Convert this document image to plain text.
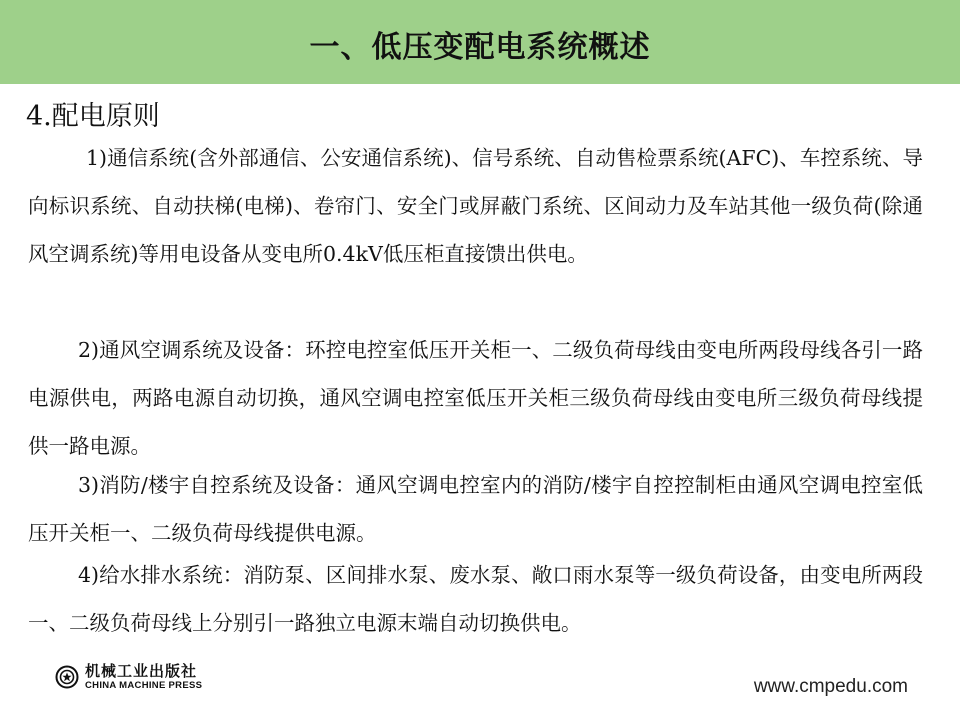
一、低压变配电系统概述
4.配电原则
1)通信系统(含外部通信、公安通信系统)、信号系统、自动售检票系统(AFC)、车控系统、导向标识系统、自动扶梯(电梯)、卷帘门、安全门或屏蔽门系统、区间动力及车站其他一级负荷(除通风空调系统)等用电设备从变电所0.4kV低压柜直接馈出供电。
2)通风空调系统及设备：环控电控室低压开关柜一、二级负荷母线由变电所两段母线各引一路电源供电，两路电源自动切换，通风空调电控室低压开关柜三级负荷母线由变电所三级负荷母线提供一路电源。
3)消防/楼宇自控系统及设备：通风空调电控室内的消防/楼宇自控控制柜由通风空调电控室低压开关柜一、二级负荷母线提供电源。
4)给水排水系统：消防泵、区间排水泵、废水泵、敞口雨水泵等一级负荷设备，由变电所两段一、二级负荷母线上分别引一路独立电源末端自动切换供电。
机械工业出版社
CHINA MACHINE PRESS	www.cmpedu.com
